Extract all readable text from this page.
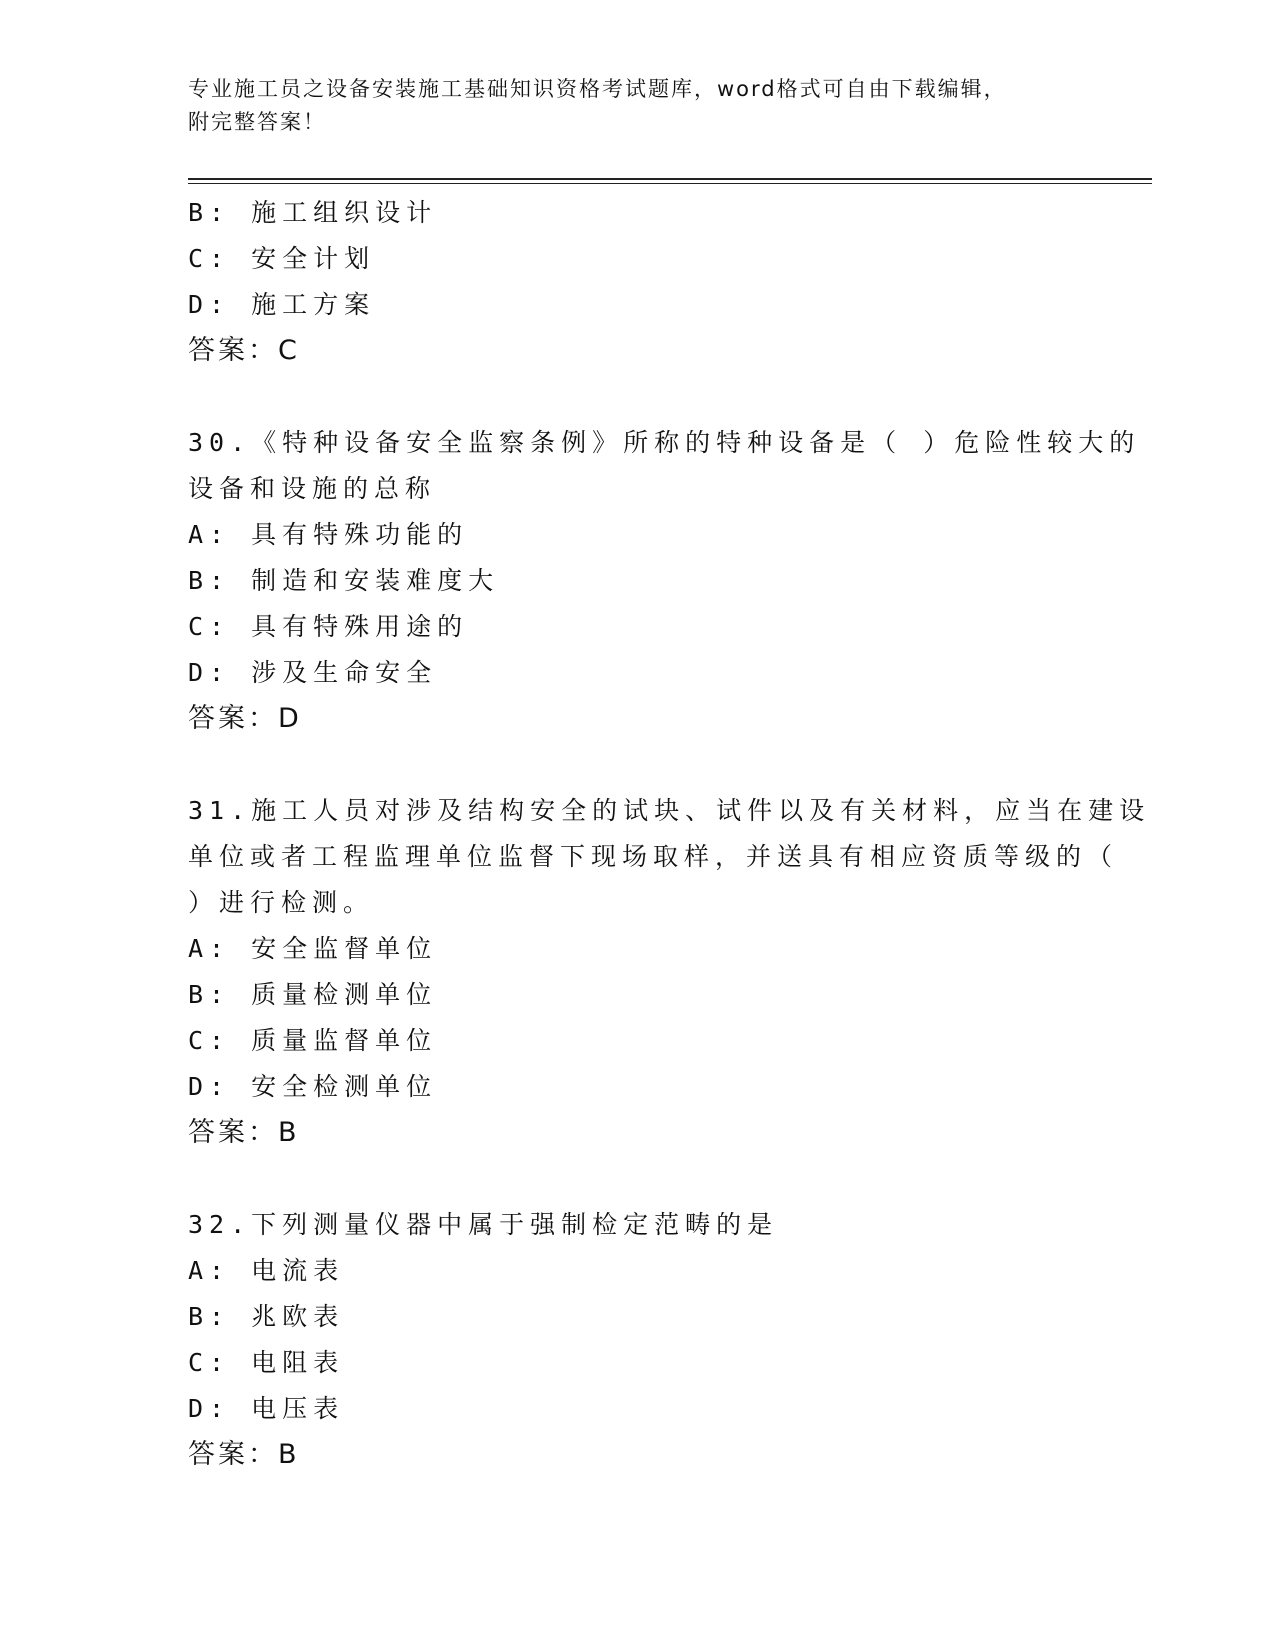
专业施工员之设备安装施工基础知识资格考试题库，word格式可自由下载编辑，
附完整答案！
B: 施工组织设计
C: 安全计划
D: 施工方案
答案：C
30.《特种设备安全监察条例》所称的特种设备是（ ）危险性较大的
设备和设施的总称
A: 具有特殊功能的
B: 制造和安装难度大
C: 具有特殊用途的
D: 涉及生命安全
答案：D
31.施工人员对涉及结构安全的试块、试件以及有关材料，应当在建设
单位或者工程监理单位监督下现场取样，并送具有相应资质等级的（
）进行检测。
A: 安全监督单位
B: 质量检测单位
C: 质量监督单位
D: 安全检测单位
答案：B
32.下列测量仪器中属于强制检定范畴的是
A: 电流表
B: 兆欧表
C: 电阻表
D: 电压表
答案：B
